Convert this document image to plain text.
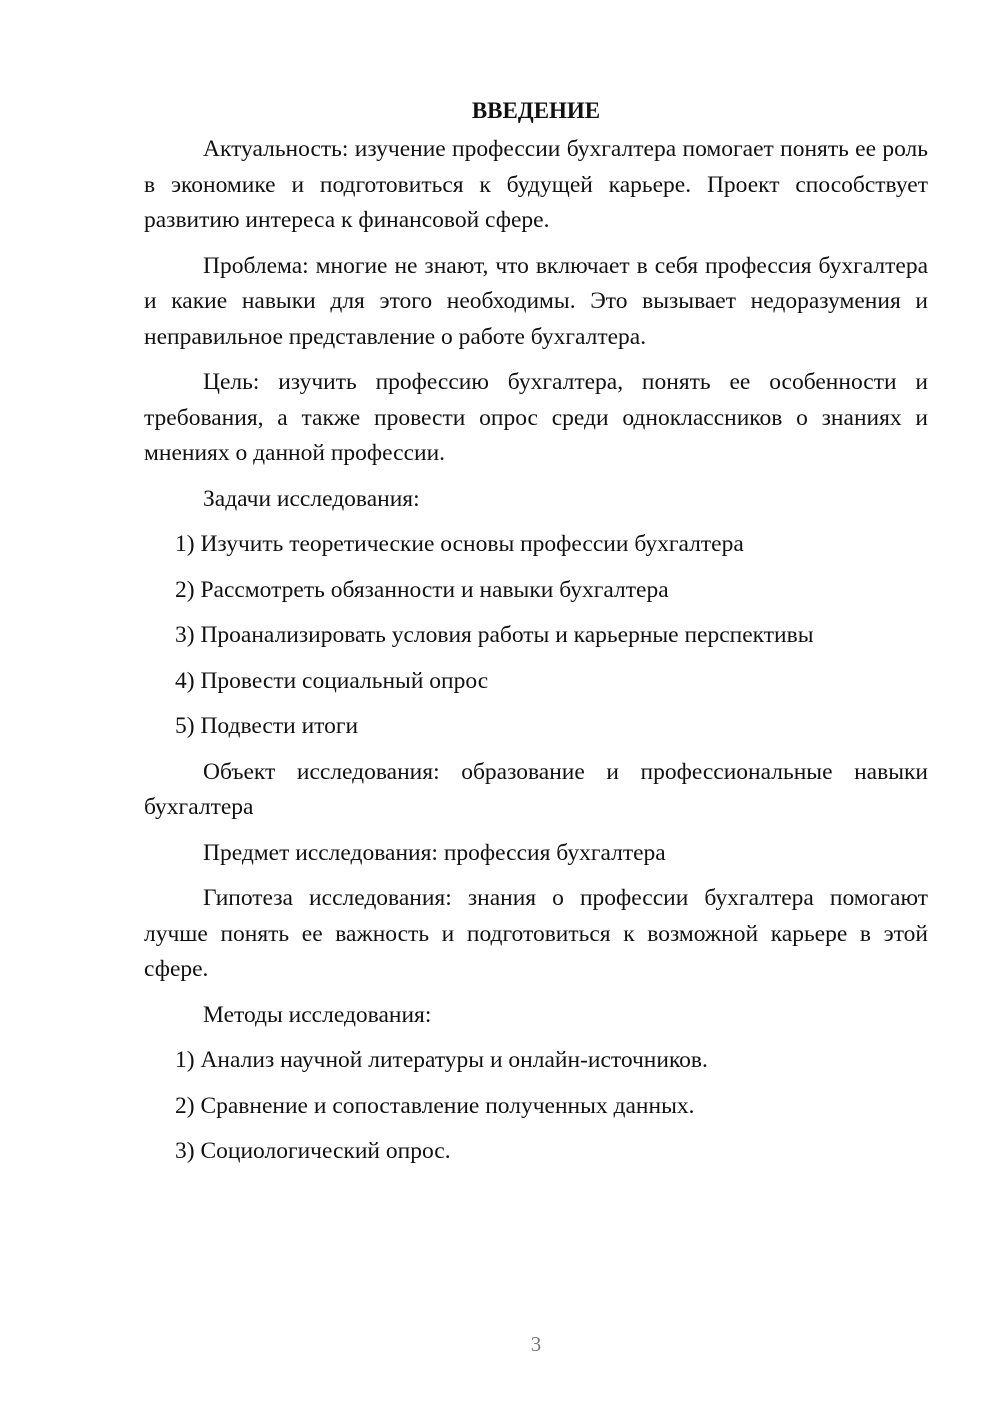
ВВЕДЕНИЕ

Актуальность: изучение профессии бухгалтера помогает понять ее роль в экономике и подготовиться к будущей карьере. Проект способствует развитию интереса к финансовой сфере.

Проблема: многие не знают, что включает в себя профессия бухгалтера и какие навыки для этого необходимы. Это вызывает недоразумения и неправильное представление о работе бухгалтера.

Цель: изучить профессию бухгалтера, понять ее особенности и требования, а также провести опрос среди одноклассников о знаниях и мнениях о данной профессии.

Задачи исследования:

1) Изучить теоретические основы профессии бухгалтера

2) Рассмотреть обязанности и навыки бухгалтера

3) Проанализировать условия работы и карьерные перспективы

4) Провести социальный опрос

5) Подвести итоги

Объект исследования: образование и профессиональные навыки бухгалтера

Предмет исследования: профессия бухгалтера

Гипотеза исследования: знания о профессии бухгалтера помогают лучше понять ее важность и подготовиться к возможной карьере в этой сфере.

Методы исследования:

1) Анализ научной литературы и онлайн-источников.

2) Сравнение и сопоставление полученных данных.

3) Социологический опрос.

3
